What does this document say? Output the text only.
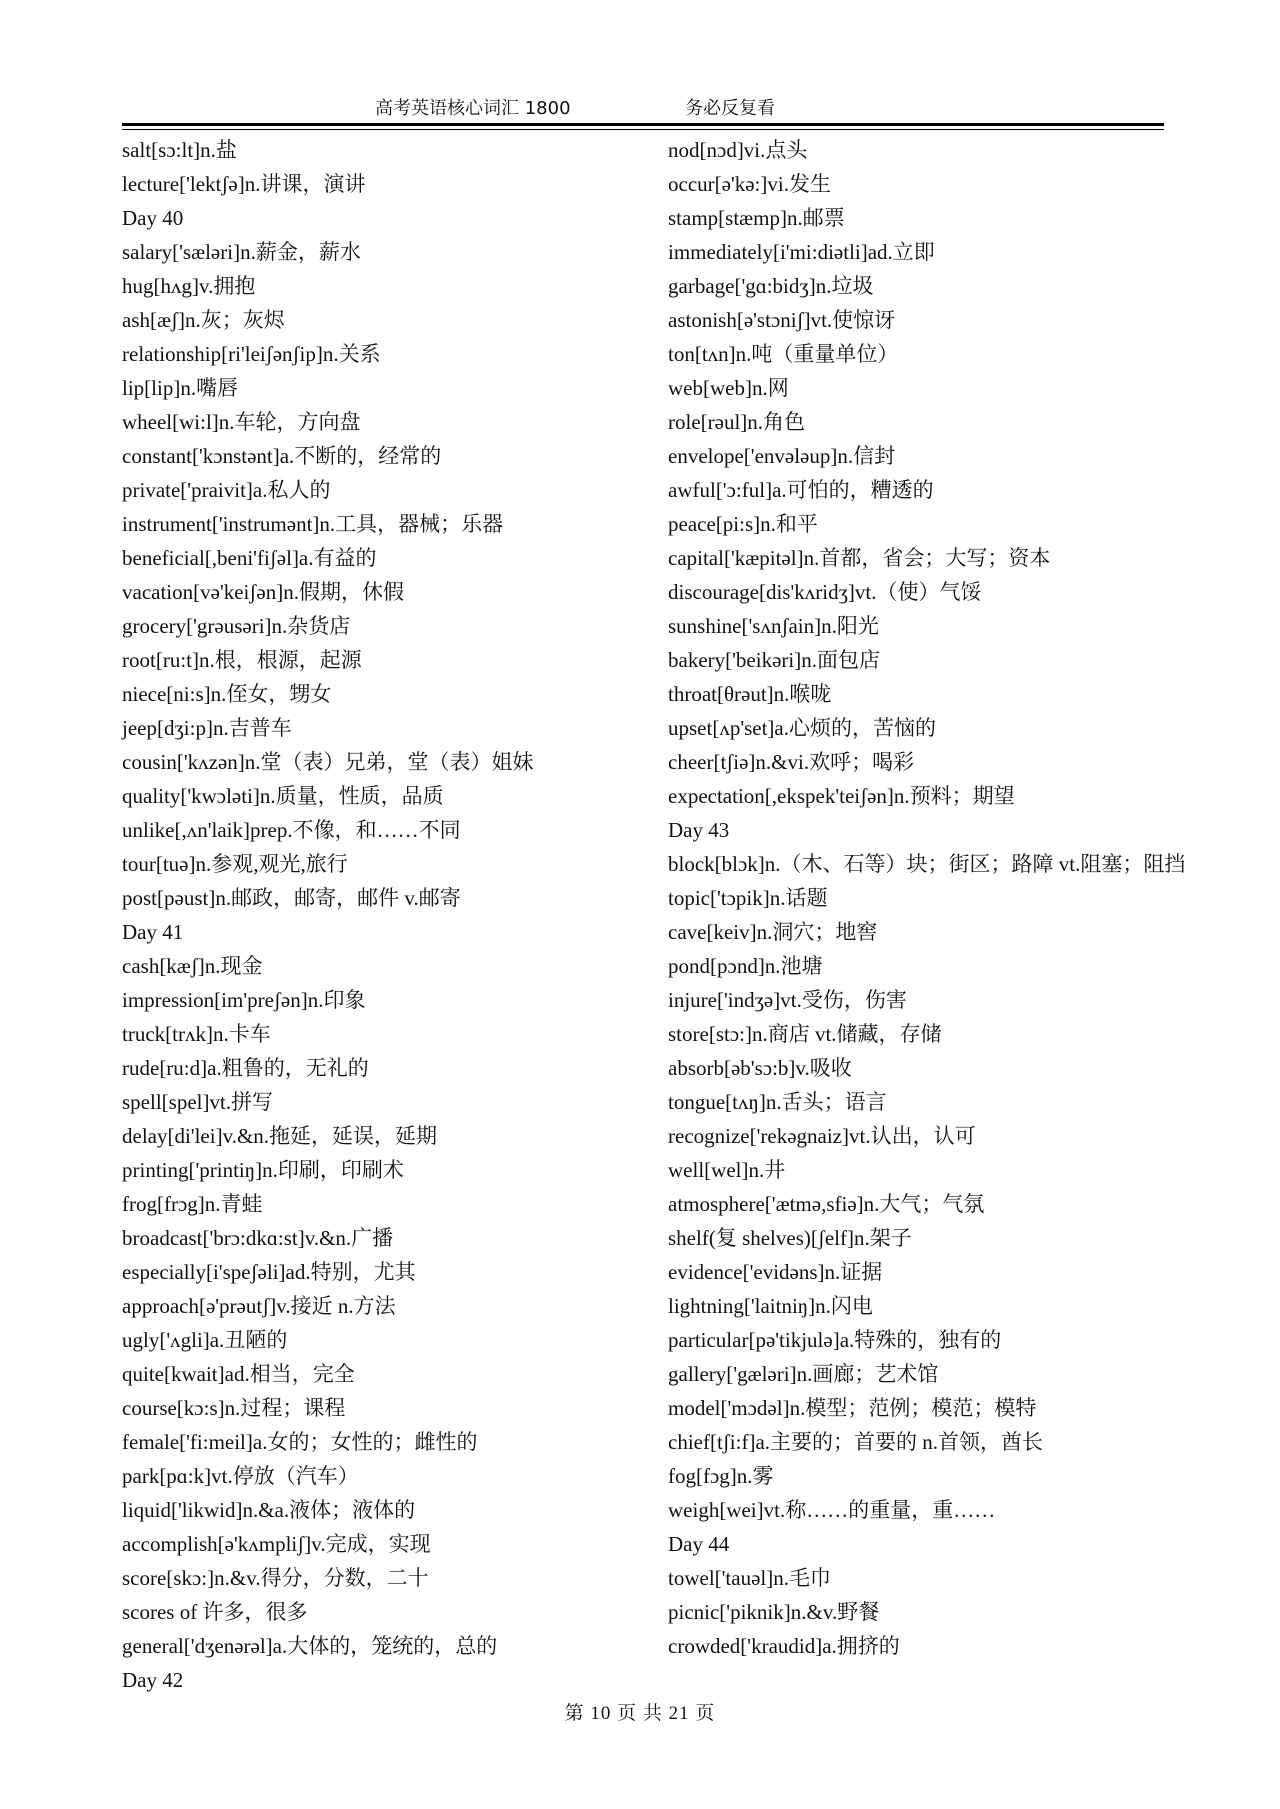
高考英语核心词汇 1800	务必反复看
salt[sɔ:lt]n.盐
lecture['lektʃə]n.讲课，演讲
Day 40
salary['sæləri]n.薪金，薪水
hug[hʌg]v.拥抱
ash[æʃ]n.灰；灰烬
relationship[ri'leiʃənʃip]n.关系
lip[lip]n.嘴唇
wheel[wi:l]n.车轮，方向盘
constant['kɔnstənt]a.不断的，经常的
private['praivit]a.私人的
instrument['instrumənt]n.工具，器械；乐器
beneficial[,beni'fiʃəl]a.有益的
vacation[və'keiʃən]n.假期，休假
grocery['grəusəri]n.杂货店
root[ru:t]n.根，根源，起源
niece[ni:s]n.侄女，甥女
jeep[dʒi:p]n.吉普车
cousin['kʌzən]n.堂（表）兄弟，堂（表）姐妹
quality['kwɔləti]n.质量，性质，品质
unlike[,ʌn'laik]prep.不像，和……不同
tour[tuə]n.参观,观光,旅行
post[pəust]n.邮政，邮寄，邮件 v.邮寄
Day 41
cash[kæʃ]n.现金
impression[im'preʃən]n.印象
truck[trʌk]n.卡车
rude[ru:d]a.粗鲁的，无礼的
spell[spel]vt.拼写
delay[di'lei]v.&n.拖延，延误，延期
printing['printiŋ]n.印刷，印刷术
frog[frɔg]n.青蛙
broadcast['brɔ:dkɑ:st]v.&n.广播
especially[i'speʃəli]ad.特别，尤其
approach[ə'prəutʃ]v.接近 n.方法
ugly['ʌgli]a.丑陋的
quite[kwait]ad.相当，完全
course[kɔ:s]n.过程；课程
female['fi:meil]a.女的；女性的；雌性的
park[pɑ:k]vt.停放（汽车）
liquid['likwid]n.&a.液体；液体的
accomplish[ə'kʌmpliʃ]v.完成，实现
score[skɔ:]n.&v.得分，分数，二十
scores of 许多，很多
general['dʒenərəl]a.大体的，笼统的，总的
Day 42
nod[nɔd]vi.点头
occur[ə'kə:]vi.发生
stamp[stæmp]n.邮票
immediately[i'mi:diətli]ad.立即
garbage['gɑ:bidʒ]n.垃圾
astonish[ə'stɔniʃ]vt.使惊讶
ton[tʌn]n.吨（重量单位）
web[web]n.网
role[rəul]n.角色
envelope['envələup]n.信封
awful['ɔ:ful]a.可怕的，糟透的
peace[pi:s]n.和平
capital['kæpitəl]n.首都，省会；大写；资本
discourage[dis'kʌridʒ]vt.（使）气馁
sunshine['sʌnʃain]n.阳光
bakery['beikəri]n.面包店
throat[θrəut]n.喉咙
upset[ʌp'set]a.心烦的，苦恼的
cheer[tʃiə]n.&vi.欢呼；喝彩
expectation[,ekspek'teiʃən]n.预料；期望
Day 43
block[blɔk]n.（木、石等）块；街区；路障 vt.阻塞；阻挡
topic['tɔpik]n.话题
cave[keiv]n.洞穴；地窖
pond[pɔnd]n.池塘
injure['indʒə]vt.受伤，伤害
store[stɔ:]n.商店 vt.储藏，存储
absorb[əb'sɔ:b]v.吸收
tongue[tʌŋ]n.舌头；语言
recognize['rekəgnaiz]vt.认出，认可
well[wel]n.井
atmosphere['ætmə,sfiə]n.大气；气氛
shelf(复 shelves)[ʃelf]n.架子
evidence['evidəns]n.证据
lightning['laitniŋ]n.闪电
particular[pə'tikjulə]a.特殊的，独有的
gallery['gæləri]n.画廊；艺术馆
model['mɔdəl]n.模型；范例；模范；模特
chief[tʃi:f]a.主要的；首要的 n.首领，酋长
fog[fɔg]n.雾
weigh[wei]vt.称……的重量，重……
Day 44
towel['tauəl]n.毛巾
picnic['piknik]n.&v.野餐
crowded['kraudid]a.拥挤的
第 10 页 共 21 页
